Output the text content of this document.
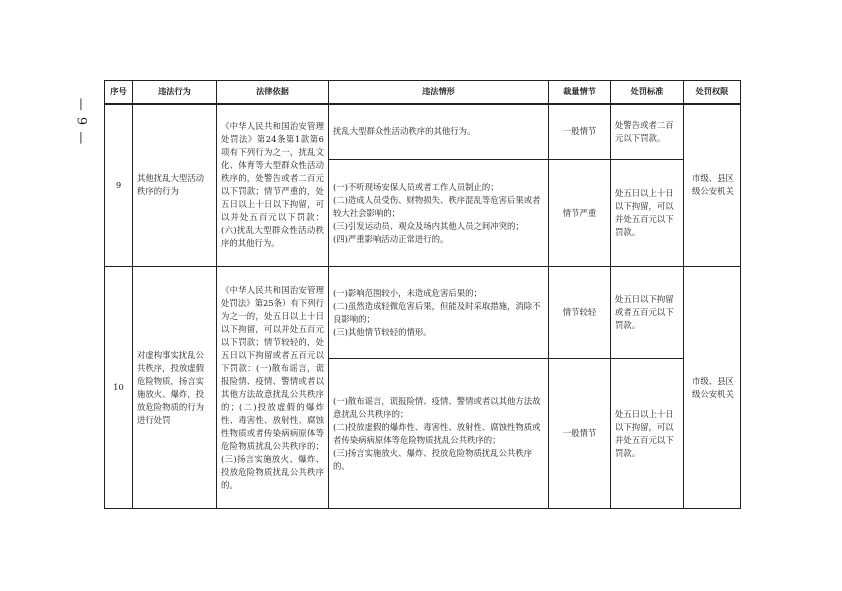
— 9 —
序号	违法行为	法律依据	违法情形	裁量情节	处罚标准	处罚权限
9	其他扰乱大型活动秩序的行为	《中华人民共和国治安管理处罚法》第24条第1款第6项有下列行为之一，扰乱文化、体育等大型群众性活动秩序的，处警告或者二百元以下罚款；情节严重的，处五日以上十日以下拘留，可以并处五百元以下罚款：(六)扰乱大型群众性活动秩序的其他行为。	扰乱大型群众性活动秩序的其他行为。	一般情节	处警告或者二百元以下罚款。	市级、县区级公安机关

			(一)不听现场安保人员或者工作人员制止的；
(二)造成人员受伤、财物损失、秩序混乱等危害后果或者较大社会影响的；
(三)引发运动员、观众及场内其他人员之间冲突的；
(四)严重影响活动正常进行的。	情节严重	处五日以上十日以下拘留，可以并处五百元以下罚款。	
10	对虚构事实扰乱公共秩序，投放虚假危险物质，扬言实施放火、爆炸，投放危险物质的行为进行处罚	《中华人民共和国治安管理处罚法》第25条）有下列行为之一的，处五日以上十日以下拘留，可以并处五百元以下罚款；情节较轻的，处五日以下拘留或者五百元以下罚款：(一)散布谣言，谎报险情、疫情、警情或者以其他方法故意扰乱公共秩序的；(二)投放虚假的爆炸性、毒害性、放射性、腐蚀性物质或者传染病病原体等危险物质扰乱公共秩序的；(三)扬言实施放火、爆炸、投放危险物质扰乱公共秩序的。	(一)影响范围较小，未造成危害后果的；
(二)虽然造成轻微危害后果，但能及时采取措施，消除不良影响的；
(三)其他情节较轻的情形。	情节较轻	处五日以下拘留或者五百元以下罚款。	市级、县区级公安机关

			(一)散布谣言，谎报险情、疫情、警情或者以其他方法故意扰乱公共秩序的；
(二)投放虚假的爆炸性、毒害性、放射性、腐蚀性物质或者传染病病原体等危险物质扰乱公共秩序的；
(三)扬言实施放火、爆炸、投放危险物质扰乱公共秩序的。	一般情节	处五日以上十日以下拘留，可以并处五百元以下罚款。	
